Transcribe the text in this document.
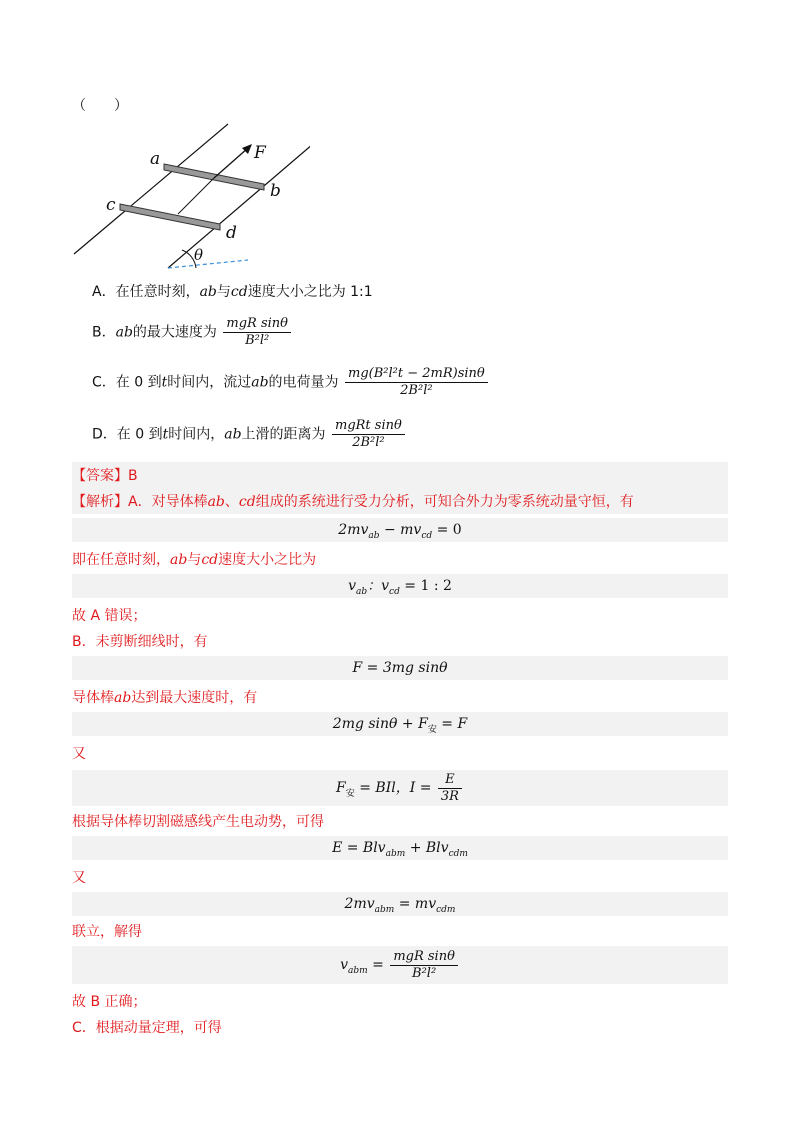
（　　）
a
b
c
d
F
θ
A．在任意时刻，ab与cd速度大小之比为 1:1
B．ab的最大速度为 $\frac{\text{mgR sinθ}}{\text{B²l²}}$
C．在 0 到t时间内，流过ab的电荷量为 $\frac{\text{mg(B²l²t − 2mR)sinθ}}{\text{2B²l²}}$
D．在 0 到t时间内，ab上滑的距离为 $\frac{\text{mgRt sinθ}}{\text{2B²l²}}$
【答案】B
【解析】A．对导体棒ab、cd组成的系统进行受力分析，可知合外力为零系统动量守恒，有
$2mv_{ab} - mv_{cd} = 0$
即在任意时刻，ab与cd速度大小之比为
$v_{ab}$：$v_{cd} = 1$ : 2
故 A 错误；
B．未剪断细线时，有
F = 3mg sinθ
导体棒ab达到最大速度时，有
2mg $\sin\theta + F_安 = F$
又
$F_安$ = BIl，$I = \frac{E}{3R}$
根据导体棒切割磁感线产生电动势，可得
E = Blv$_{abm}$ + Blv$_{cdm}$
又
$2mv_{abm} = mv_{cdm}$
联立，解得
$v_{abm} = \frac{\text{mgR sinθ}}{\text{B²l²}}$
故 B 正确；
C．根据动量定理，可得
